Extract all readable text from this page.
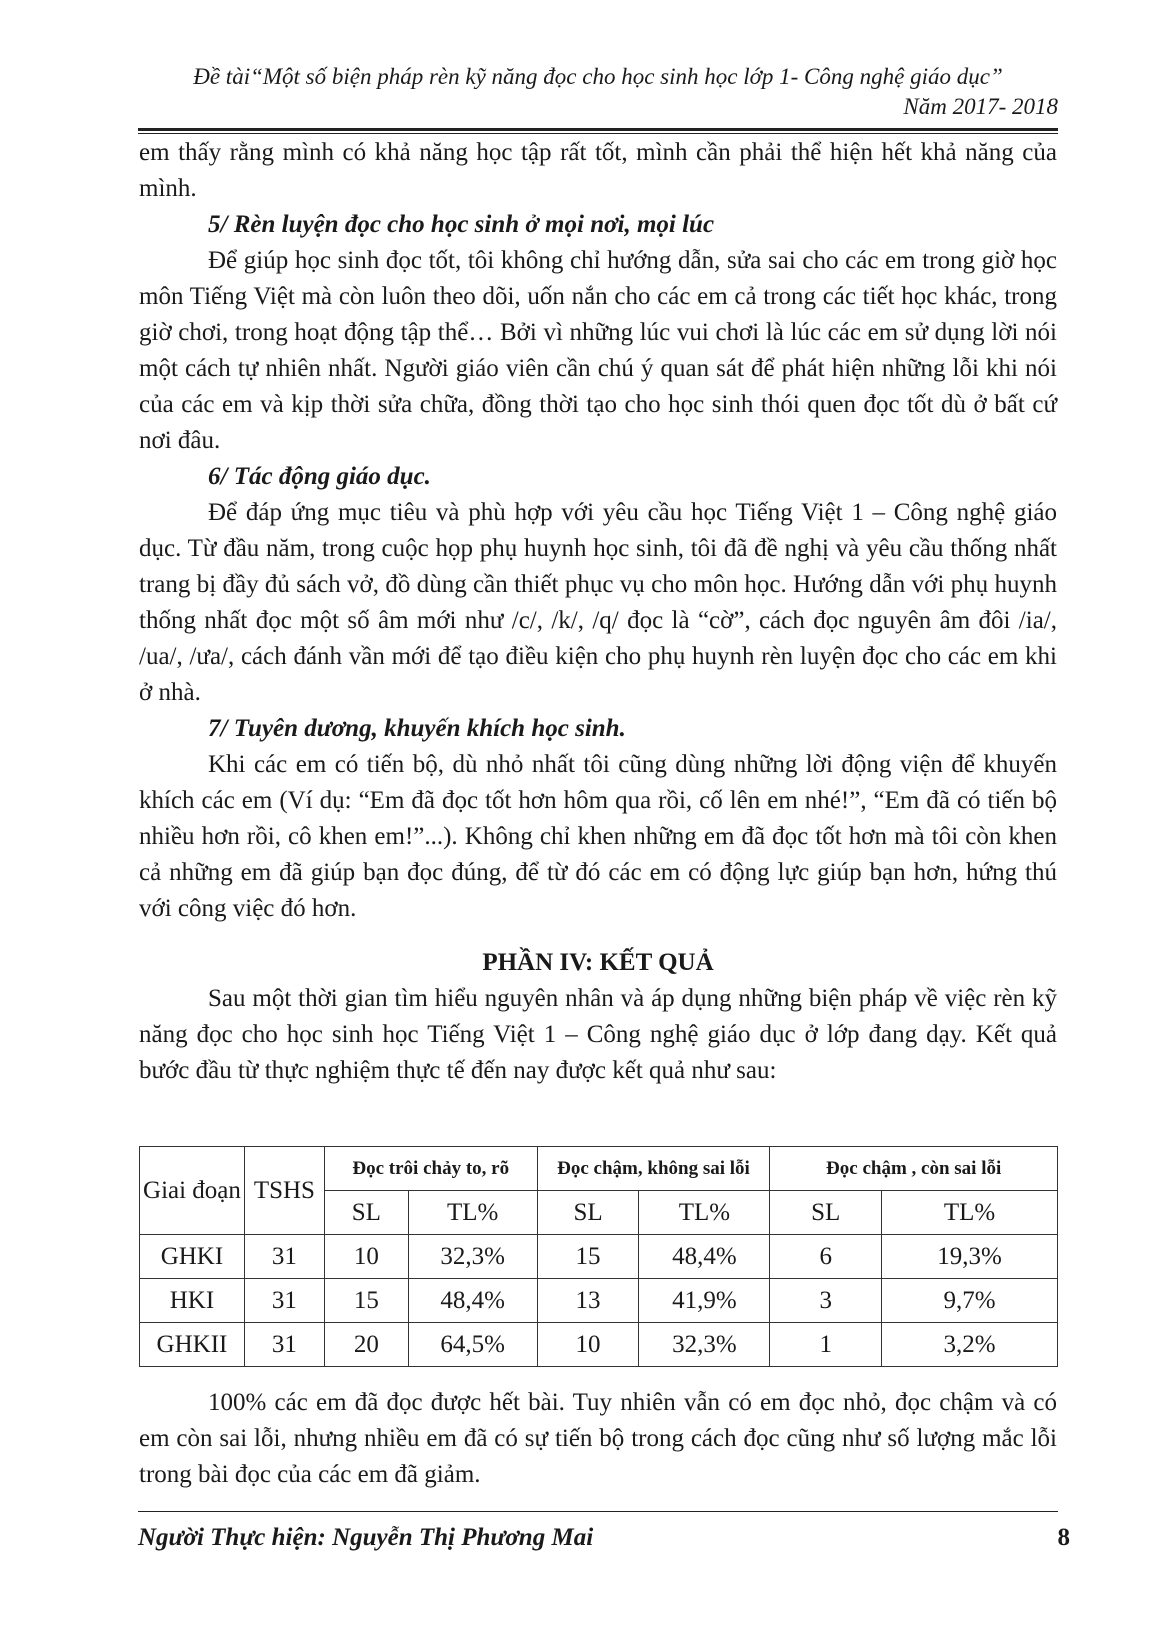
Đề tài“Một số biện pháp rèn kỹ năng đọc cho học sinh học lớp 1- Công nghệ giáo dục”
Năm 2017- 2018

em thấy rằng mình có khả năng học tập rất tốt, mình cần phải thể hiện hết khả năng của mình.

5/ Rèn luyện đọc cho học sinh ở mọi nơi, mọi lúc

Để giúp học sinh đọc tốt, tôi không chỉ hướng dẫn, sửa sai cho các em trong giờ học môn Tiếng Việt mà còn luôn theo dõi, uốn nắn cho các em cả trong các tiết học khác, trong giờ chơi, trong hoạt động tập thể… Bởi vì những lúc vui chơi là lúc các em sử dụng lời nói một cách tự nhiên nhất. Người giáo viên cần chú ý quan sát để phát hiện những lỗi khi nói của các em và kịp thời sửa chữa, đồng thời tạo cho học sinh thói quen đọc tốt dù ở bất cứ nơi đâu.

6/ Tác động giáo dục.

Để đáp ứng mục tiêu và phù hợp với yêu cầu học Tiếng Việt 1 – Công nghệ giáo dục. Từ đầu năm, trong cuộc họp phụ huynh học sinh, tôi đã đề nghị và yêu cầu thống nhất trang bị đầy đủ sách vở, đồ dùng cần thiết phục vụ cho môn học. Hướng dẫn với phụ huynh thống nhất đọc một số âm mới như /c/, /k/, /q/ đọc là “cờ”, cách đọc nguyên âm đôi /ia/, /ua/, /ưa/, cách đánh vần mới để tạo điều kiện cho phụ huynh rèn luyện đọc cho các em khi ở nhà.

7/ Tuyên dương, khuyến khích học sinh.

Khi các em có tiến bộ, dù nhỏ nhất tôi cũng dùng những lời động viện để khuyến khích các em (Ví dụ: “Em đã đọc tốt hơn hôm qua rồi, cố lên em nhé!”, “Em đã có tiến bộ nhiều hơn rồi, cô khen em!”...). Không chỉ khen những em đã đọc tốt hơn mà tôi còn khen cả những em đã giúp bạn đọc đúng, để từ đó các em có động lực giúp bạn hơn, hứng thú với công việc đó hơn.

PHẦN IV: KẾT QUẢ

Sau một thời gian tìm hiểu nguyên nhân và áp dụng những biện pháp về việc rèn kỹ năng đọc cho học sinh học Tiếng Việt 1 – Công nghệ giáo dục ở lớp đang dạy. Kết quả bước đầu từ thực nghiệm thực tế đến nay được kết quả như sau:

Giai đoạn	TSHS	Đọc trôi chảy to, rõ		Đọc chậm, không sai lỗi		Đọc chậm , còn sai lỗi	
		SL	TL%	SL	TL%	SL	TL%
GHKI	31	10	32,3%	15	48,4%	6	19,3%
HKI	31	15	48,4%	13	41,9%	3	9,7%
GHKII	31	20	64,5%	10	32,3%	1	3,2%

100% các em đã đọc được hết bài. Tuy nhiên vẫn có em đọc nhỏ, đọc chậm và có em còn sai lỗi, nhưng nhiều em đã có sự tiến bộ trong cách đọc cũng như số lượng mắc lỗi trong bài đọc của các em đã giảm.

Người Thực hiện: Nguyễn Thị Phương Mai	8
